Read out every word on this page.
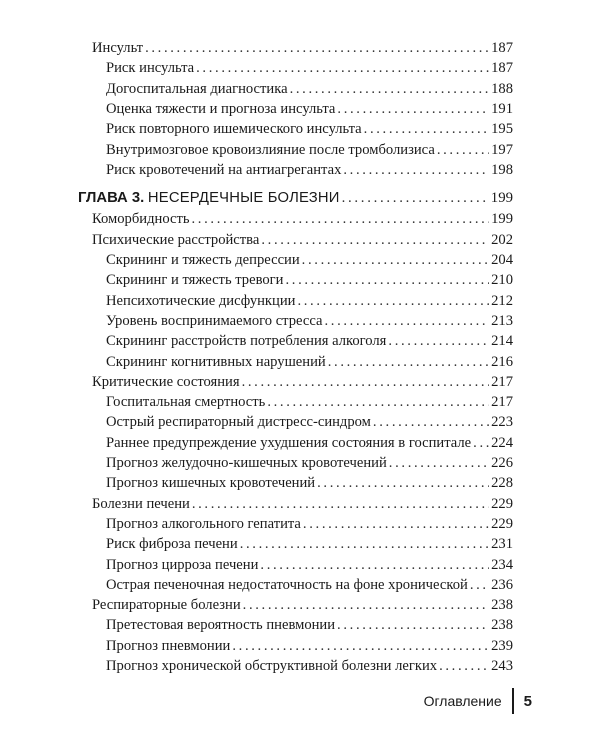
Инсульт . . .	187
Риск инсульта . . .	187
Догоспитальная диагностика . . .	188
Оценка тяжести и прогноза инсульта . . .	191
Риск повторного ишемического инсульта . . .	195
Внутримозговое кровоизлияние после тромболизиса . . .	197
Риск кровотечений на антиагрегантах . . .	198
ГЛАВА 3. НЕСЕРДЕЧНЫЕ БОЛЕЗНИ . . .	199
Коморбидность . . .	199
Психические расстройства . . .	202
Скрининг и тяжесть депрессии . . .	204
Скрининг и тяжесть тревоги . . .	210
Непсихотические дисфункции . . .	212
Уровень воспринимаемого стресса . . .	213
Скрининг расстройств потребления алкоголя . . .	214
Скрининг когнитивных нарушений . . .	216
Критические состояния . . .	217
Госпитальная смертность . . .	217
Острый респираторный дистресс-синдром . . .	223
Раннее предупреждение ухудшения состояния в госпитале . . . 224
Прогноз желудочно-кишечных кровотечений . . .	226
Прогноз кишечных кровотечений . . .	228
Болезни печени . . .	229
Прогноз алкогольного гепатита . . .	229
Риск фиброза печени . . .	231
Прогноз цирроза печени . . .	234
Острая печеночная недостаточность на фоне хронической . . . 236
Респираторные болезни . . .	238
Претестовая вероятность пневмонии . . .	238
Прогноз пневмонии . . .	239
Прогноз хронической обструктивной болезни легких . . .	243
Оглавление 5
